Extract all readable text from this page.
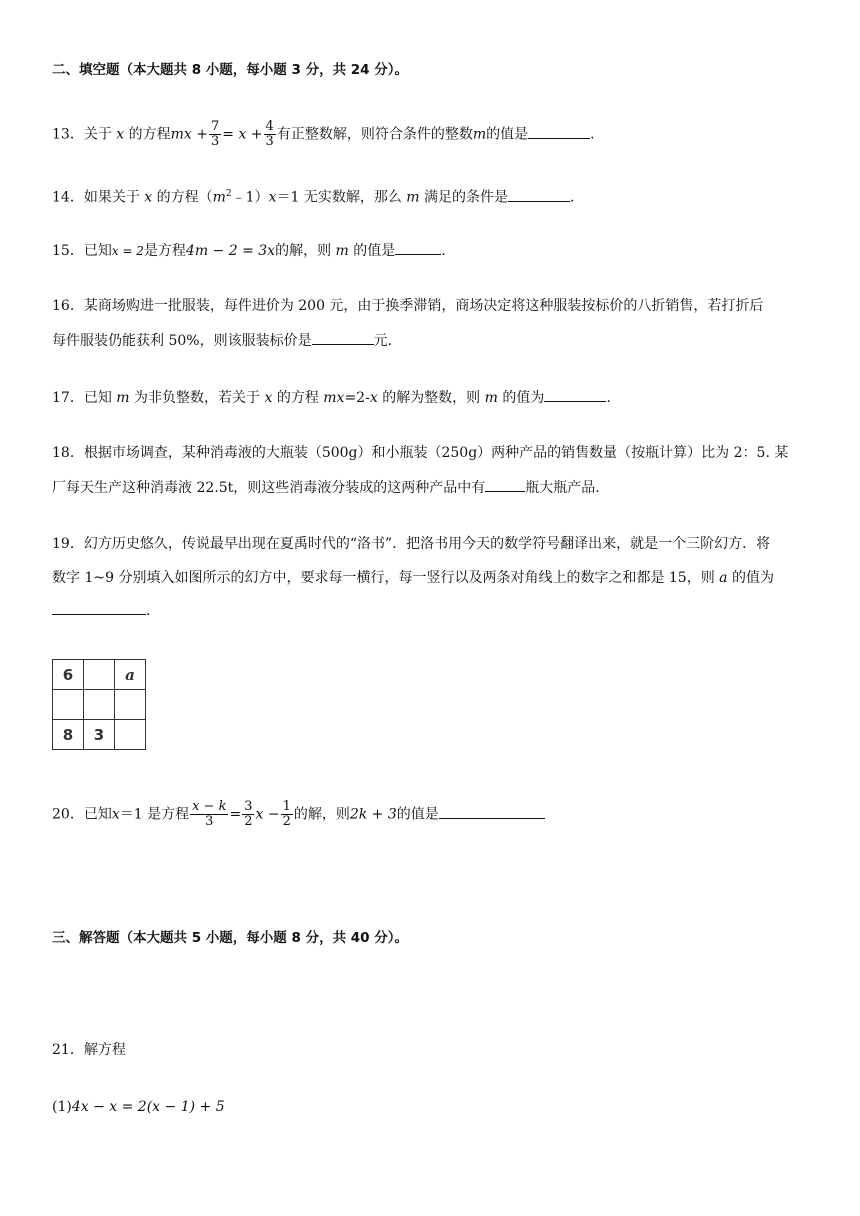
二、填空题（本大题共 8 小题，每小题 3 分，共 24 分）。
13．关于 x 的方程mx + $\frac{7}{3} = x + \frac{4}{3}$ 有正整数解，则符合条件的整数m的值是	.
14．如果关于 x 的方程$(m^2﹣1)x=1$ 无实数解，那么 m 满足的条件是	.
15．已知x = 2是方程4m − 2 = 3x的解，则 m 的值是	.
16．某商场购进一批服装，每件进价为 200 元，由于换季滞销，商场决定将这种服装按标价的八折销售，若打折后
每件服装仍能获利 50%，则该服装标价是	元.
17．已知 m 为非负整数，若关于 x 的方程 mx=2-x 的解为整数，则 m 的值为	.
18．根据市场调查，某种消毒液的大瓶装（500g）和小瓶装（250g）两种产品的销售数量（按瓶计算）比为 2：5. 某
厂每天生产这种消毒液 22.5t，则这些消毒液分装成的这两种产品中有	瓶大瓶产品.
19．幻方历史悠久，传说最早出现在夏禹时代的“洛书”．把洛书用今天的数学符号翻译出来，就是一个三阶幻方．将
数字 1~9 分别填入如图所示的幻方中，要求每一横行，每一竖行以及两条对角线上的数字之和都是 15，则 a 的值为
.
6		a

8	3	
20．已知x＝1 是方程 $\frac{x - k}{3} = \frac{3}{2}$ $x - \frac{1}{2}$ 的解，则2k + 3的值是
三、解答题（本大题共 5 小题，每小题 8 分，共 40 分）。
21．解方程
(1)4x − x = 2(x − 1) + 5
